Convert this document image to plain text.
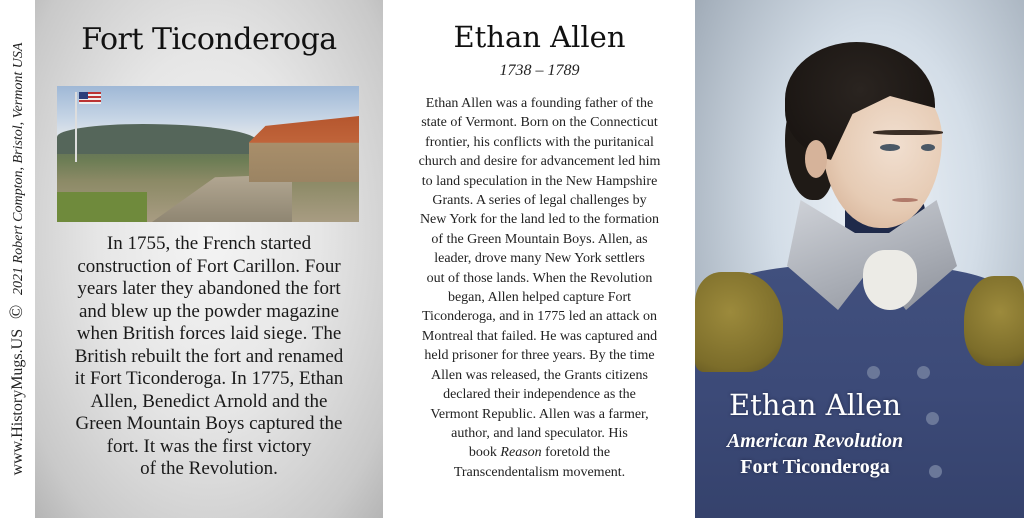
www.HistoryMugs.US © 2021 Robert Compton, Bristol, Vermont USA
Fort Ticonderoga

In 1755, the French started

construction of Fort Carillon. Four

years later they abandoned the fort

and blew up the powder magazine

when British forces laid siege. The

British rebuilt the fort and renamed

it Fort Ticonderoga. In 1775, Ethan

Allen, Benedict Arnold and the

Green Mountain Boys captured the

fort. It was the first victory

of the Revolution.

Ethan Allen
1738 – 1789

Ethan Allen was a founding father of the

state of Vermont. Born on the Connecticut

frontier, his conflicts with the puritanical

church and desire for advancement led him

to land speculation in the New Hampshire

Grants. A series of legal challenges by

New York for the land led to the formation

of the Green Mountain Boys. Allen, as

leader, drove many New York settlers

out of those lands. When the Revolution

began, Allen helped capture Fort

Ticonderoga, and in 1775 led an attack on

Montreal that failed. He was captured and

held prisoner for three years. By the time

Allen was released, the Grants citizens

declared their independence as the

Vermont Republic. Allen was a farmer,

author, and land speculator. His

book Reason foretold the

Transcendentalism movement.

Ethan Allen
American Revolution
Fort Ticonderoga
